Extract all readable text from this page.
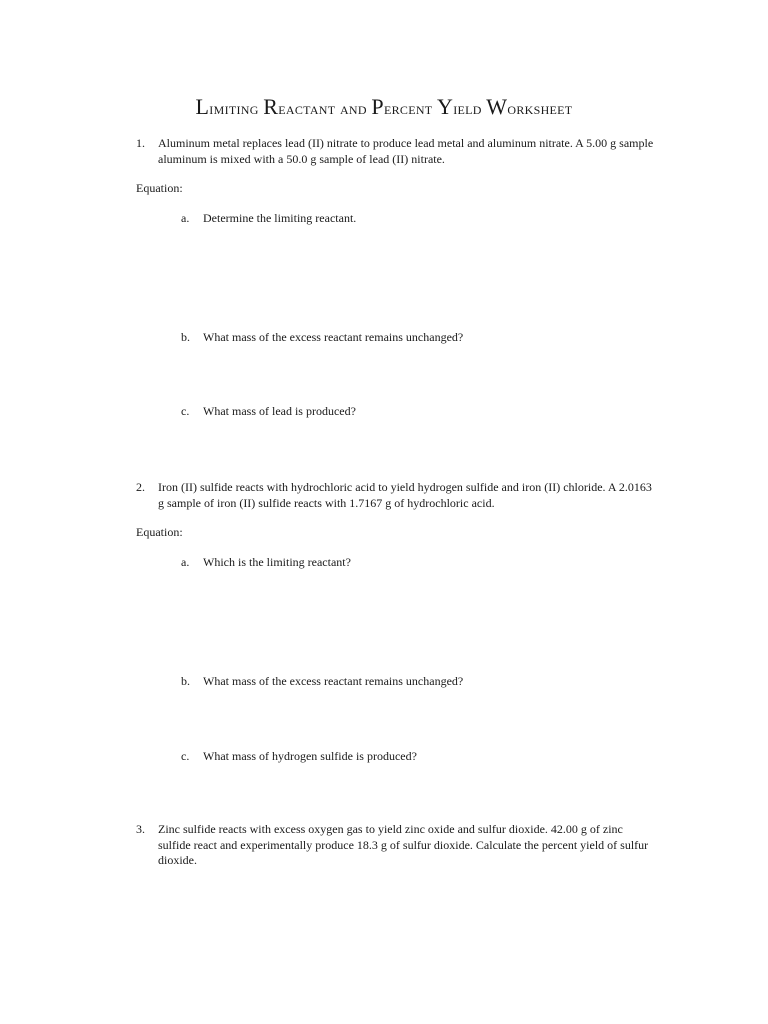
Limiting Reactant and Percent Yield Worksheet
1. Aluminum metal replaces lead (II) nitrate to produce lead metal and aluminum nitrate. A 5.00 g sample aluminum is mixed with a 50.0 g sample of lead (II) nitrate.
Equation:
a. Determine the limiting reactant.
b. What mass of the excess reactant remains unchanged?
c. What mass of lead is produced?
2. Iron (II) sulfide reacts with hydrochloric acid to yield hydrogen sulfide and iron (II) chloride. A 2.0163 g sample of iron (II) sulfide reacts with 1.7167 g of hydrochloric acid.
Equation:
a. Which is the limiting reactant?
b. What mass of the excess reactant remains unchanged?
c. What mass of hydrogen sulfide is produced?
3. Zinc sulfide reacts with excess oxygen gas to yield zinc oxide and sulfur dioxide. 42.00 g of zinc sulfide react and experimentally produce 18.3 g of sulfur dioxide. Calculate the percent yield of sulfur dioxide.
